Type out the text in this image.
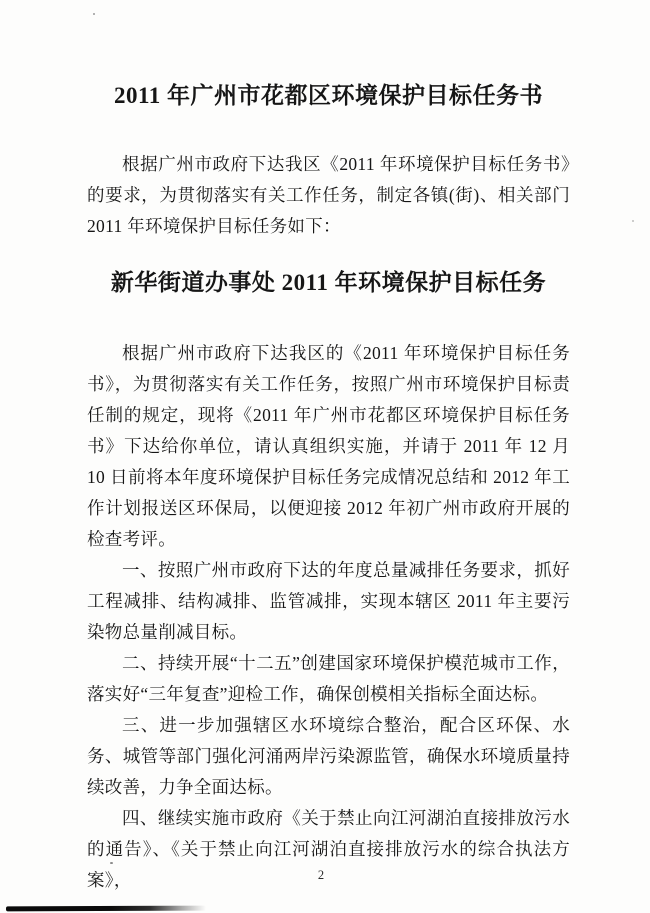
2011 年广州市花都区环境保护目标任务书

根据广州市政府下达我区《2011 年环境保护目标任务书》的要求，为贯彻落实有关工作任务，制定各镇(街)、相关部门 2011 年环境保护目标任务如下：

新华街道办事处 2011 年环境保护目标任务

根据广州市政府下达我区的《2011 年环境保护目标任务书》，为贯彻落实有关工作任务，按照广州市环境保护目标责任制的规定，现将《2011 年广州市花都区环境保护目标任务书》下达给你单位，请认真组织实施，并请于 2011 年 12 月 10 日前将本年度环境保护目标任务完成情况总结和 2012 年工作计划报送区环保局，以便迎接 2012 年初广州市政府开展的检查考评。

一、按照广州市政府下达的年度总量减排任务要求，抓好工程减排、结构减排、监管减排，实现本辖区 2011 年主要污染物总量削减目标。

二、持续开展“十二五”创建国家环境保护模范城市工作，落实好“三年复查”迎检工作，确保创模相关指标全面达标。

三、进一步加强辖区水环境综合整治，配合区环保、水务、城管等部门强化河涌两岸污染源监管，确保水环境质量持续改善，力争全面达标。

四、继续实施市政府《关于禁止向江河湖泊直接排放污水的通告》、《关于禁止向江河湖泊直接排放污水的综合执法方案》，	2
